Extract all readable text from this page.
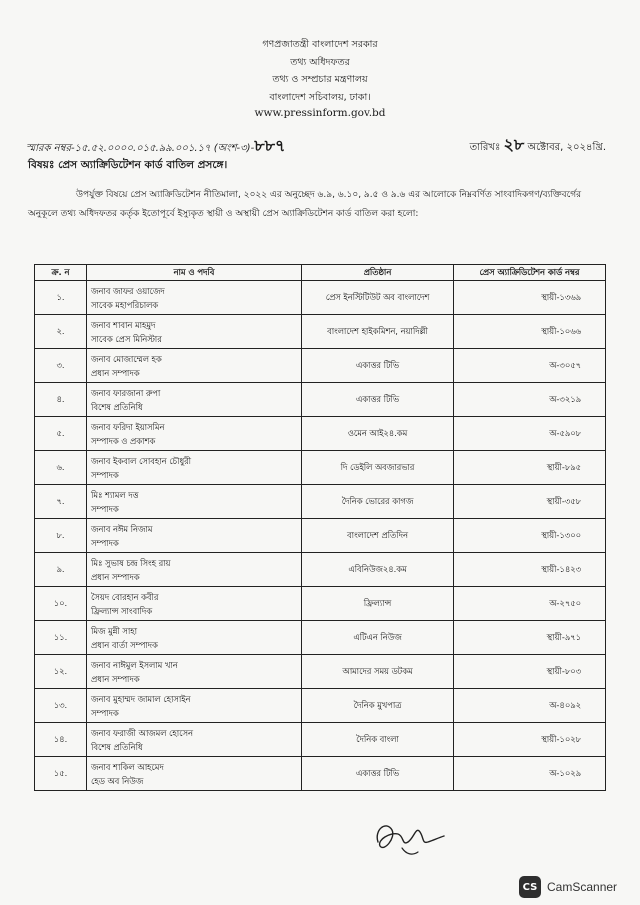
গণপ্রজাতন্ত্রী বাংলাদেশ সরকার
তথ্য অধিদফতর
তথ্য ও সম্প্রচার মন্ত্রণালয়
বাংলাদেশ সচিবালয়, ঢাকা।
www.pressinform.gov.bd
স্মারক নম্বর-১৫.৫২.০০০০.০১৫.৯৯.০০১.১৭ (অংশ-৩)-৮৮৭	তারিখঃ ২৮ অক্টোবর, ২০২৪খ্রি.
বিষয়ঃ প্রেস অ্যাক্রিডিটেশন কার্ড বাতিল প্রসঙ্গে।
উপর্যুক্ত বিষয়ে প্রেস অ্যাক্রিডিটেশন নীতিমালা, ২০২২ এর অনুচ্ছেদ ৬.৯, ৬.১০, ৯.৫ ও ৯.৬ এর আলোকে নিম্নবর্ণিত সাংবাদিকগণ/ব্যক্তিবর্গের অনুকূলে তথ্য অধিদফতর কর্তৃক ইতোপূর্বে ইস্যুকৃত স্থায়ী ও অস্থায়ী প্রেস অ্যাক্রিডিটেশন কার্ড বাতিল করা হলো:
ক্র. ন	নাম ও পদবি	প্রতিষ্ঠান	প্রেস অ্যাক্রিডিটেশন কার্ড নম্বর
১.	জনাব জাফর ওয়াজেদ
সাবেক মহাপরিচালক	প্রেস ইনস্টিটিউট অব বাংলাদেশ	স্থায়ী-১৩৬৯
২.	জনাব শাবান মাহমুদ
সাবেক প্রেস মিনিস্টার	বাংলাদেশ হাইকমিশন, নয়াদিল্লী	স্থায়ী-১০৬৬
৩.	জনাব মোজাম্মেল হক
প্রধান সম্পাদক	একাত্তর টিভি	অ-৩০৫৭
৪.	জনাব ফারজানা রুপা
বিশেষ প্রতিনিধি	একাত্তর টিভি	অ-৩২১৯
৫.	জনাব ফরিদা ইয়াসমিন
সম্পাদক ও প্রকাশক	ওমেন আই২৪.কম	অ-৫৯০৮
৬.	জনাব ইকবাল সোবহান চৌধুরী
সম্পাদক	দি ডেইলি অবজারভার	স্থায়ী-৮৯৫
৭.	মিঃ শ্যামল দত্ত
সম্পাদক	দৈনিক ভোরের কাগজ	স্থায়ী-৩৫৮
৮.	জনাব নঈম নিজাম
সম্পাদক	বাংলাদেশ প্রতিদিন	স্থায়ী-১৩০০
৯.	মিঃ সুভাষ চন্দ্র সিংহ রায়
প্রধান সম্পাদক	এবিনিউজ২৪.কম	স্থায়ী-১৪২৩
১০.	সৈয়দ বোরহান কবীর
ফ্রিল্যান্স সাংবাদিক	ফ্রিল্যান্স	অ-২৭৫০
১১.	মিজ মুন্নী সাহা
প্রধান বার্তা সম্পাদক	এটিএন নিউজ	স্থায়ী-৯৭১
১২.	জনাব নাঈমুল ইসলাম খান
প্রধান সম্পাদক	আমাদের সময় ডটকম	স্থায়ী-৮০৩
১৩.	জনাব মুহাম্মদ জামাল হোসাইন
সম্পাদক	দৈনিক মুখপাত্র	অ-৪০৯২
১৪.	জনাব ফরাজী আজমল হোসেন
বিশেষ প্রতিনিধি	দৈনিক বাংলা	স্থায়ী-১০২৮
১৫.	জনাব শাকিল আহমেদ
হেড অব নিউজ	একাত্তর টিভি	অ-১০২৯
CS CamScanner
